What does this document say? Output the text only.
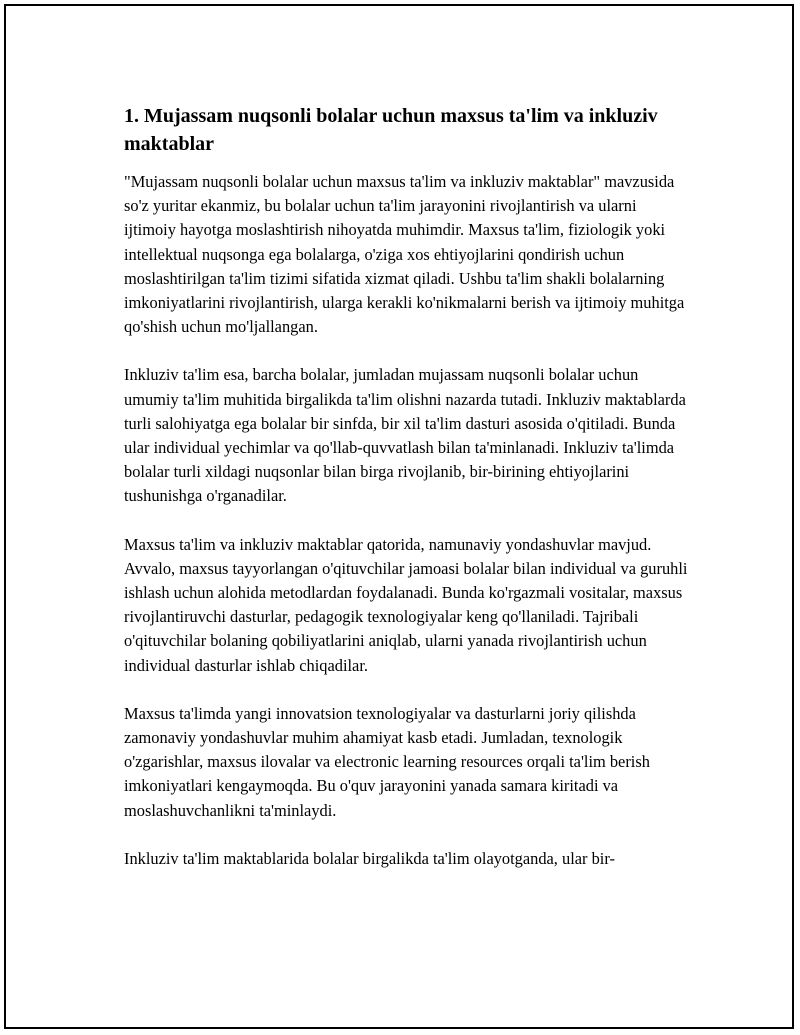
1. Mujassam nuqsonli bolalar uchun maxsus ta'lim va inkluziv maktablar

"Mujassam nuqsonli bolalar uchun maxsus ta'lim va inkluziv maktablar" mavzusida so'z yuritar ekanmiz, bu bolalar uchun ta'lim jarayonini rivojlantirish va ularni ijtimoiy hayotga moslashtirish nihoyatda muhimdir. Maxsus ta'lim, fiziologik yoki intellektual nuqsonga ega bolalarga, o'ziga xos ehtiyojlarini qondirish uchun moslashtirilgan ta'lim tizimi sifatida xizmat qiladi. Ushbu ta'lim shakli bolalarning imkoniyatlarini rivojlantirish, ularga kerakli ko'nikmalarni berish va ijtimoiy muhitga qo'shish uchun mo'ljallangan.

Inkluziv ta'lim esa, barcha bolalar, jumladan mujassam nuqsonli bolalar uchun umumiy ta'lim muhitida birgalikda ta'lim olishni nazarda tutadi. Inkluziv maktablarda turli salohiyatga ega bolalar bir sinfda, bir xil ta'lim dasturi asosida o'qitiladi. Bunda ular individual yechimlar va qo'llab-quvvatlash bilan ta'minlanadi. Inkluziv ta'limda bolalar turli xildagi nuqsonlar bilan birga rivojlanib, bir-birining ehtiyojlarini tushunishga o'rganadilar.

Maxsus ta'lim va inkluziv maktablar qatorida, namunaviy yondashuvlar mavjud. Avvalo, maxsus tayyorlangan o'qituvchilar jamoasi bolalar bilan individual va guruhli ishlash uchun alohida metodlardan foydalanadi. Bunda ko'rgazmali vositalar, maxsus rivojlantiruvchi dasturlar, pedagogik texnologiyalar keng qo'llaniladi. Tajribali o'qituvchilar bolaning qobiliyatlarini aniqlab, ularni yanada rivojlantirish uchun individual dasturlar ishlab chiqadilar.

Maxsus ta'limda yangi innovatsion texnologiyalar va dasturlarni joriy qilishda zamonaviy yondashuvlar muhim ahamiyat kasb etadi. Jumladan, texnologik o'zgarishlar, maxsus ilovalar va electronic learning resources orqali ta'lim berish imkoniyatlari kengaymoqda. Bu o'quv jarayonini yanada samara kiritadi va moslashuvchanlikni ta'minlaydi.

Inkluziv ta'lim maktablarida bolalar birgalikda ta'lim olayotganda, ular bir-
